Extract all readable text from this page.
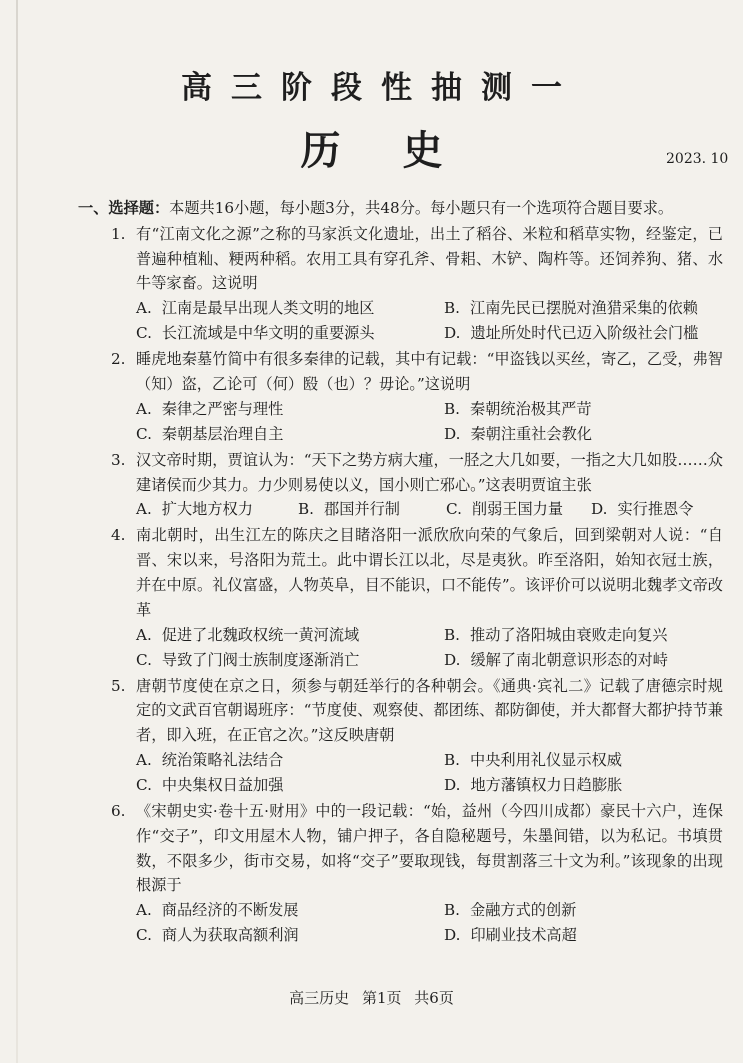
高三阶段性抽测一
历史	2023. 10
一、选择题：本题共16小题，每小题3分，共48分。每小题只有一个选项符合题目要求。
1. 有“江南文化之源”之称的马家浜文化遗址，出土了稻谷、米粒和稻草实物，经鉴定，已普遍种植籼、粳两种稻。农用工具有穿孔斧、骨耜、木铲、陶杵等。还饲养狗、猪、水牛等家畜。这说明
A. 江南是最早出现人类文明的地区	B. 江南先民已摆脱对渔猎采集的依赖
C. 长江流域是中华文明的重要源头	D. 遗址所处时代已迈入阶级社会门槛
2. 睡虎地秦墓竹简中有很多秦律的记载，其中有记载：“甲盗钱以买丝，寄乙，乙受，弗智（知）盗，乙论可（何）殹（也）？毋论。”这说明
A. 秦律之严密与理性	B. 秦朝统治极其严苛
C. 秦朝基层治理自主	D. 秦朝注重社会教化
3. 汉文帝时期，贾谊认为：“天下之势方病大瘇，一胫之大几如要，一指之大几如股……众建诸侯而少其力。力少则易使以义，国小则亡邪心。”这表明贾谊主张
A. 扩大地方权力	B. 郡国并行制	C. 削弱王国力量 D. 实行推恩令
4. 南北朝时，出生江左的陈庆之目睹洛阳一派欣欣向荣的气象后，回到梁朝对人说：“自晋、宋以来，号洛阳为荒土。此中谓长江以北，尽是夷狄。昨至洛阳，始知衣冠士族，并在中原。礼仪富盛，人物英阜，目不能识，口不能传”。该评价可以说明北魏孝文帝改革
A. 促进了北魏政权统一黄河流域	B. 推动了洛阳城由衰败走向复兴
C. 导致了门阀士族制度逐渐消亡	D. 缓解了南北朝意识形态的对峙
5. 唐朝节度使在京之日，须参与朝廷举行的各种朝会。《通典·宾礼二》记载了唐德宗时规定的文武百官朝谒班序：“节度使、观察使、都团练、都防御使，并大都督大都护持节兼者，即入班，在正官之次。”这反映唐朝
A. 统治策略礼法结合	B. 中央利用礼仪显示权威
C. 中央集权日益加强	D. 地方藩镇权力日趋膨胀
6. 《宋朝史实·卷十五·财用》中的一段记载：“始，益州（今四川成都）豪民十六户，连保作“交子”，印文用屋木人物，铺户押子，各自隐秘题号，朱墨间错，以为私记。书填贯数，不限多少，街市交易，如将“交子”要取现钱，每贯割落三十文为利。”该现象的出现根源于
A. 商品经济的不断发展	B. 金融方式的创新
C. 商人为获取高额利润	D. 印刷业技术高超
高三历史 第1页 共6页
